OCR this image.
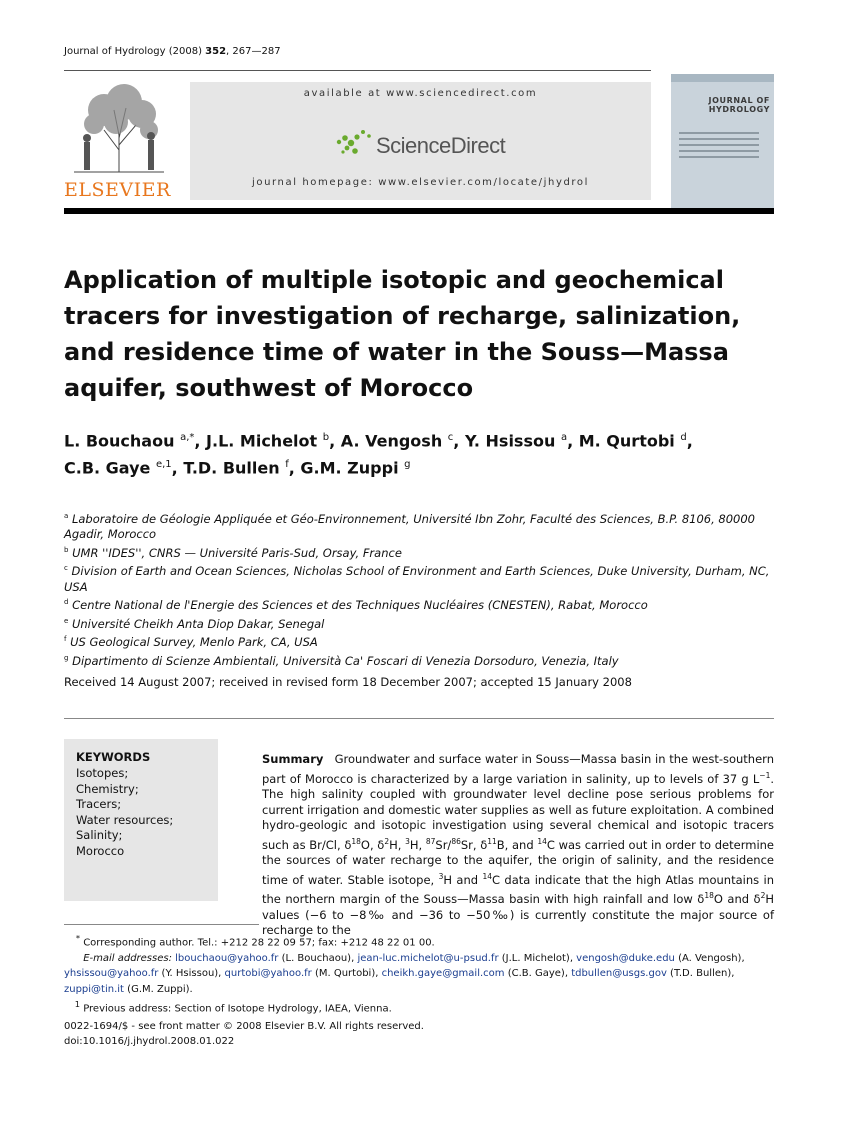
Journal of Hydrology (2008) 352, 267—287
ELSEVIER
available at www.sciencedirect.com
ScienceDirect
journal homepage: www.elsevier.com/locate/jhydrol
JOURNAL OF
HYDROLOGY
Application of multiple isotopic and geochemical tracers for investigation of recharge, salinization, and residence time of water in the Souss—Massa aquifer, southwest of Morocco
L. Bouchaou $^{a,*}$, J.L. Michelot $^b$, A. Vengosh $^c$, Y. Hsissou $^a$, M. Qurtobi $^d$,
C.B. Gaye $^{e,1}$, T.D. Bullen $^f$, G.M. Zuppi $^g$
$^a$ Laboratoire de Géologie Appliquée et Géo-Environnement, Université Ibn Zohr, Faculté des Sciences, B.P. 8106, 80000 Agadir, Morocco
$^b$ UMR ''IDES'', CNRS — Université Paris-Sud, Orsay, France
$^c$ Division of Earth and Ocean Sciences, Nicholas School of Environment and Earth Sciences, Duke University, Durham, NC, USA
$^d$ Centre National de l'Energie des Sciences et des Techniques Nucléaires (CNESTEN), Rabat, Morocco
$^e$ Université Cheikh Anta Diop Dakar, Senegal
$^f$ US Geological Survey, Menlo Park, CA, USA
$^g$ Dipartimento di Scienze Ambientali, Università Ca' Foscari di Venezia Dorsoduro, Venezia, Italy
Received 14 August 2007; received in revised form 18 December 2007; accepted 15 January 2008
KEYWORDS
Isotopes;
Chemistry;
Tracers;
Water resources;
Salinity;
Morocco
Summary Groundwater and surface water in Souss—Massa basin in the west-southern part of Morocco is characterized by a large variation in salinity, up to levels of 37 g $L^{-1}$. The high salinity coupled with groundwater level decline pose serious problems for current irrigation and domestic water supplies as well as future exploitation. A combined hydro-geologic and isotopic investigation using several chemical and isotopic tracers such as Br/Cl, $\delta^{18}O$, $\delta^2H$, $^3$H, $^{87}$Sr/$^{86}$Sr, $\delta^{11}B$, and $^{14}$C was carried out in order to determine the sources of water recharge to the aquifer, the origin of salinity, and the residence time of water. Stable isotope, $^3$H and $^{14}$C data indicate that the high Atlas mountains in the northern margin of the Souss—Massa basin with high rainfall and low $\delta^{18}O$ and $\delta^2H$ values (−6 to −8‰ and −36 to −50‰) is currently constitute the major source of recharge to the
* Corresponding author. Tel.: +212 28 22 09 57; fax: +212 48 22 01 00.
E-mail addresses: lbouchaou@yahoo.fr (L. Bouchaou), jean-luc.michelot@u-psud.fr (J.L. Michelot), vengosh@duke.edu (A. Vengosh), yhsissou@yahoo.fr (Y. Hsissou), qurtobi@yahoo.fr (M. Qurtobi), cheikh.gaye@gmail.com (C.B. Gaye), tdbullen@usgs.gov (T.D. Bullen), zuppi@tin.it (G.M. Zuppi).
$^1$ Previous address: Section of Isotope Hydrology, IAEA, Vienna.
0022-1694/$ - see front matter © 2008 Elsevier B.V. All rights reserved.
doi:10.1016/j.jhydrol.2008.01.022
